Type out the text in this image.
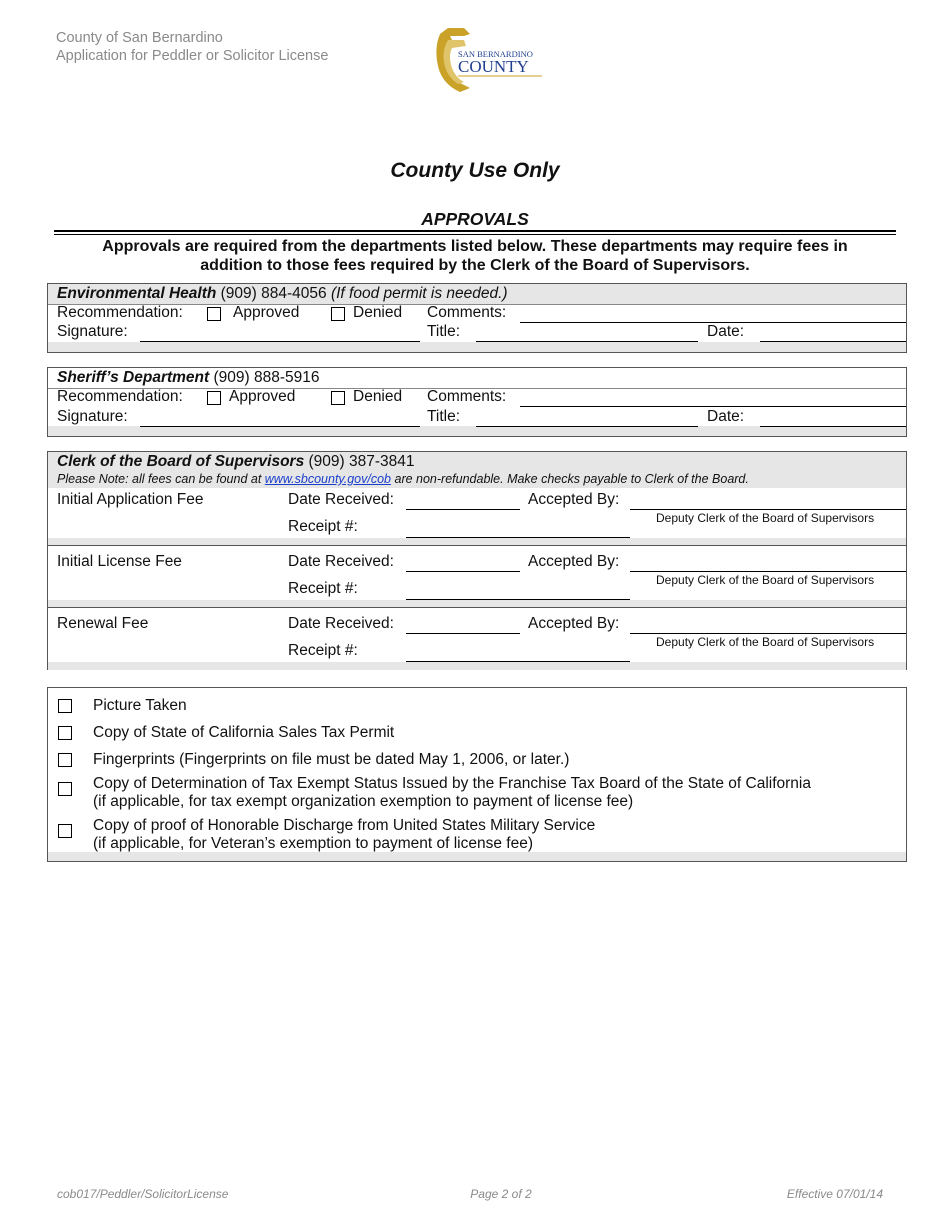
County of San Bernardino
Application for Peddler or Solicitor License	SAN BERNARDINO
COUNTY
County Use Only
APPROVALS
Approvals are required from the departments listed below. These departments may require fees in
addition to those fees required by the Clerk of the Board of Supervisors.
Environmental Health (909) 884-4056 (If food permit is needed.)
Recommendation:	Approved	Denied Comments:
Signature:	Title:	Date:
Sheriff’s Department (909) 888-5916
Recommendation:	Approved	Denied Comments:
Signature:	Title:	Date:
Clerk of the Board of Supervisors (909) 387-3841
Please Note: all fees can be found at www.sbcounty.gov/cob are non-refundable. Make checks payable to Clerk of the Board.
Initial Application Fee	Date Received:	Accepted By:
Deputy Clerk of the Board of Supervisors
Receipt #:
Initial License Fee	Date Received:	Accepted By:
Deputy Clerk of the Board of Supervisors
Receipt #:
Renewal Fee	Date Received:	Accepted By:
Deputy Clerk of the Board of Supervisors
Receipt #:
Picture Taken
Copy of State of California Sales Tax Permit
Fingerprints (Fingerprints on file must be dated May 1, 2006, or later.)
Copy of Determination of Tax Exempt Status Issued by the Franchise Tax Board of the State of California
(if applicable, for tax exempt organization exemption to payment of license fee)
Copy of proof of Honorable Discharge from United States Military Service
(if applicable, for Veteran’s exemption to payment of license fee)
cob017/Peddler/SolicitorLicense	Page 2 of 2	Effective 07/01/14
